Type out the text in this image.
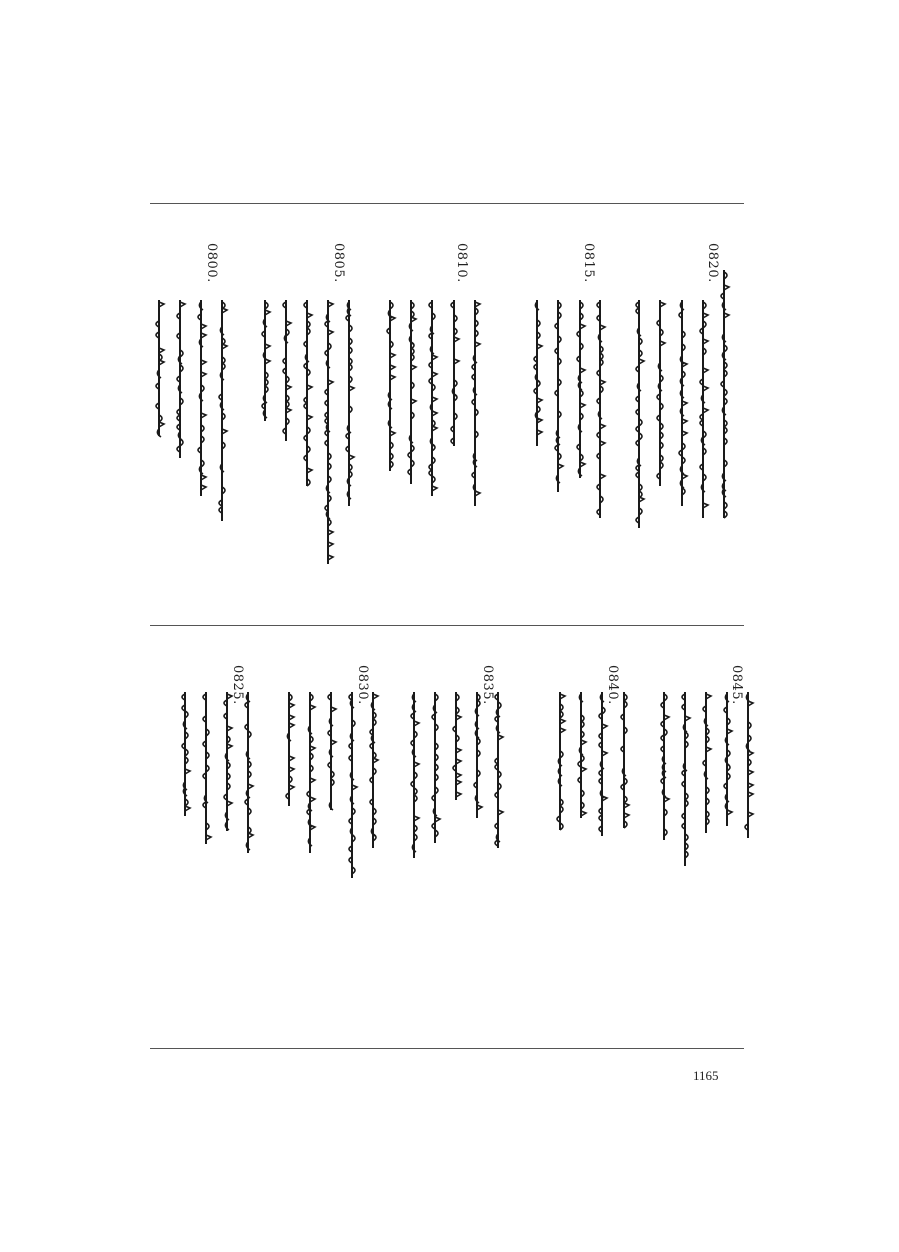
0820.
0815.
0810.
0805.
0800.
0845.
0840.
0835.
0830.
0825.
1165
